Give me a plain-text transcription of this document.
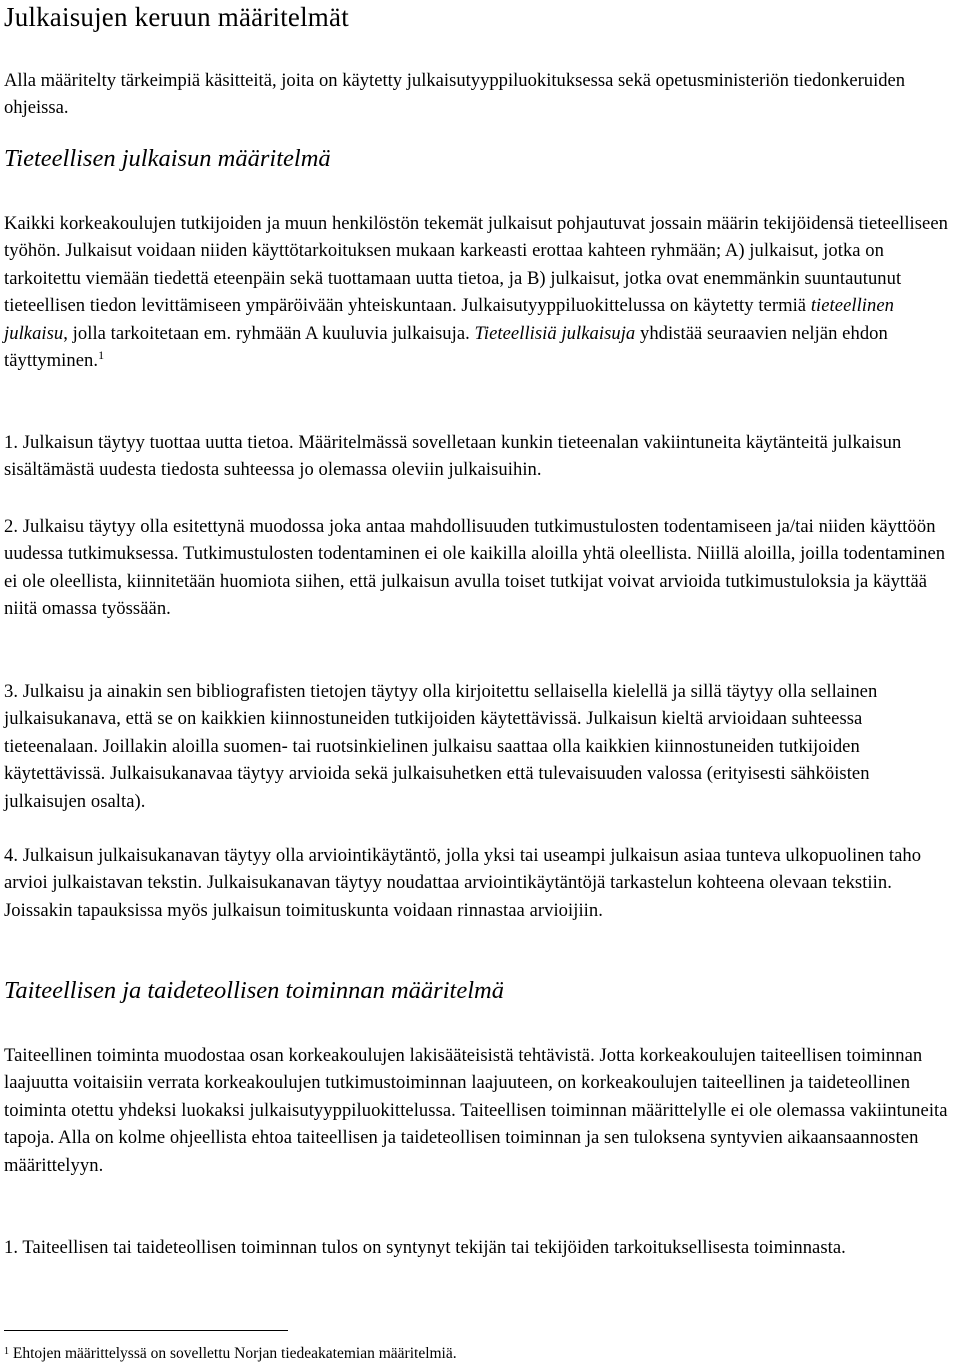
Julkaisujen keruun määritelmät

Alla määritelty tärkeimpiä käsitteitä, joita on käytetty julkaisutyyppiluokituksessa sekä opetusministeriön tiedonkeruiden ohjeissa.

Tieteellisen julkaisun määritelmä

Kaikki korkeakoulujen tutkijoiden ja muun henkilöstön tekemät julkaisut pohjautuvat jossain määrin tekijöidensä tieteelliseen työhön. Julkaisut voidaan niiden käyttötarkoituksen mukaan karkeasti erottaa kahteen ryhmään; A) julkaisut, jotka on tarkoitettu viemään tiedettä eteenpäin sekä tuottamaan uutta tietoa, ja B) julkaisut, jotka ovat enemmänkin suuntautunut tieteellisen tiedon levittämiseen ympäröivään yhteiskuntaan. Julkaisutyyppiluokittelussa on käytetty termiä tieteellinen julkaisu, jolla tarkoitetaan em. ryhmään A kuuluvia julkaisuja. Tieteellisiä julkaisuja yhdistää seuraavien neljän ehdon täyttyminen.$^1$

1. Julkaisun täytyy tuottaa uutta tietoa. Määritelmässä sovelletaan kunkin tieteenalan vakiintuneita käytänteitä julkaisun sisältämästä uudesta tiedosta suhteessa jo olemassa oleviin julkaisuihin.

2. Julkaisu täytyy olla esitettynä muodossa joka antaa mahdollisuuden tutkimustulosten todentamiseen ja/tai niiden käyttöön uudessa tutkimuksessa. Tutkimustulosten todentaminen ei ole kaikilla aloilla yhtä oleellista. Niillä aloilla, joilla todentaminen ei ole oleellista, kiinnitetään huomiota siihen, että julkaisun avulla toiset tutkijat voivat arvioida tutkimustuloksia ja käyttää niitä omassa työssään.

3. Julkaisu ja ainakin sen bibliografisten tietojen täytyy olla kirjoitettu sellaisella kielellä ja sillä täytyy olla sellainen julkaisukanava, että se on kaikkien kiinnostuneiden tutkijoiden käytettävissä. Julkaisun kieltä arvioidaan suhteessa tieteenalaan. Joillakin aloilla suomen- tai ruotsinkielinen julkaisu saattaa olla kaikkien kiinnostuneiden tutkijoiden käytettävissä. Julkaisukanavaa täytyy arvioida sekä julkaisuhetken että tulevaisuuden valossa (erityisesti sähköisten julkaisujen osalta).

4. Julkaisun julkaisukanavan täytyy olla arviointikäytäntö, jolla yksi tai useampi julkaisun asiaa tunteva ulkopuolinen taho arvioi julkaistavan tekstin. Julkaisukanavan täytyy noudattaa arviointikäytäntöjä tarkastelun kohteena olevaan tekstiin. Joissakin tapauksissa myös julkaisun toimituskunta voidaan rinnastaa arvioijiin.

Taiteellisen ja taideteollisen toiminnan määritelmä

Taiteellinen toiminta muodostaa osan korkeakoulujen lakisääteisistä tehtävistä. Jotta korkeakoulujen taiteellisen toiminnan laajuutta voitaisiin verrata korkeakoulujen tutkimustoiminnan laajuuteen, on korkeakoulujen taiteellinen ja taideteollinen toiminta otettu yhdeksi luokaksi julkaisutyyppiluokittelussa. Taiteellisen toiminnan määrittelylle ei ole olemassa vakiintuneita tapoja. Alla on kolme ohjeellista ehtoa taiteellisen ja taideteollisen toiminnan ja sen tuloksena syntyvien aikaansaannosten määrittelyyn.

1. Taiteellisen tai taideteollisen toiminnan tulos on syntynyt tekijän tai tekijöiden tarkoituksellisesta toiminnasta.

$^1$ Ehtojen määrittelyssä on sovellettu Norjan tiedeakatemian määritelmiä.
